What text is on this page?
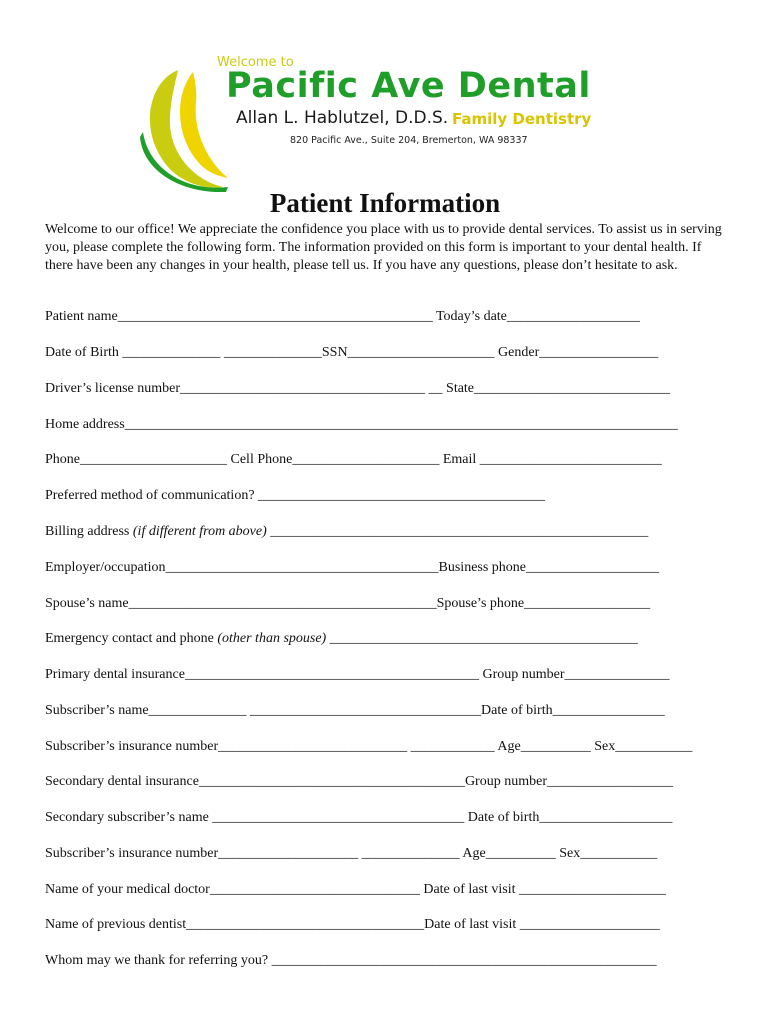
Welcome to
Pacific Ave Dental
Allan L. Hablutzel, D.D.S. Family Dentistry
820 Pacific Ave., Suite 204, Bremerton, WA 98337
Patient Information
Welcome to our office! We appreciate the confidence you place with us to provide dental services. To assist us in serving you, please complete the following form. The information provided on this form is important to your dental health. If there have been any changes in your health, please tell us. If you have any questions, please don’t hesitate to ask.
Patient name_____________________________________________ Today’s date___________________
Date of Birth ______________ ______________SSN_____________________ Gender_________________
Driver’s license number___________________________________ __ State____________________________
Home address_______________________________________________________________________________
Phone_____________________ Cell Phone_____________________ Email __________________________
Preferred method of communication? _________________________________________
Billing address (if different from above) ______________________________________________________
Employer/occupation_______________________________________Business phone___________________
Spouse’s name____________________________________________Spouse’s phone__________________
Emergency contact and phone (other than spouse) ____________________________________________
Primary dental insurance__________________________________________ Group number_______________
Subscriber’s name______________ _________________________________Date of birth________________
Subscriber’s insurance number___________________________ ____________ Age__________ Sex___________
Secondary dental insurance______________________________________Group number__________________
Secondary subscriber’s name ____________________________________ Date of birth___________________
Subscriber’s insurance number____________________ ______________ Age__________ Sex___________
Name of your medical doctor______________________________ Date of last visit _____________________
Name of previous dentist__________________________________Date of last visit ____________________
Whom may we thank for referring you? _______________________________________________________
